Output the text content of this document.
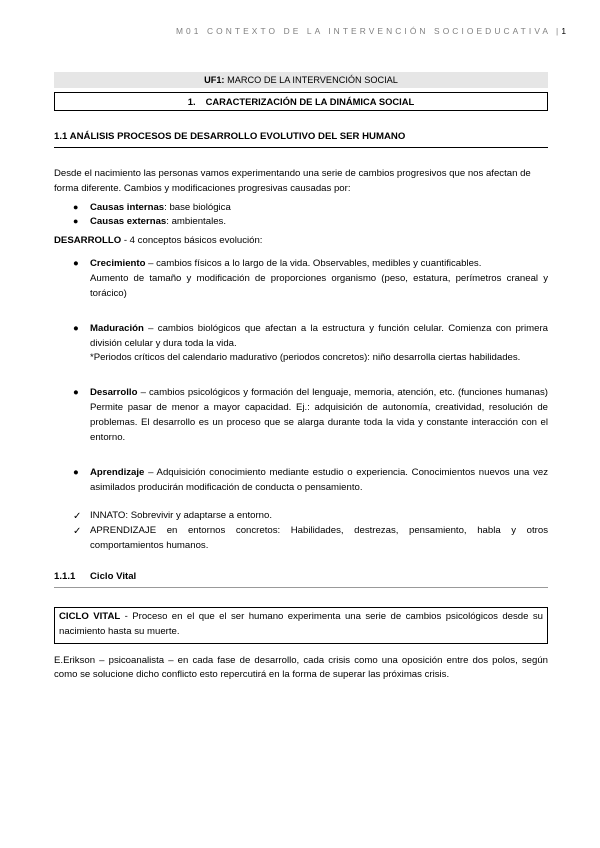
M01 CONTEXTO DE LA INTERVENCIÓN SOCIOEDUCATIVA |1
UF1: MARCO DE LA INTERVENCIÓN SOCIAL
1. CARACTERIZACIÓN DE LA DINÁMICA SOCIAL
1.1 ANÁLISIS PROCESOS DE DESARROLLO EVOLUTIVO DEL SER HUMANO

Desde el nacimiento las personas vamos experimentando una serie de cambios progresivos que nos afectan de forma diferente. Cambios y modificaciones progresivas causadas por:

● Causas internas: base biológica
● Causas externas: ambientales.

DESARROLLO - 4 conceptos básicos evolución:

● Crecimiento – cambios físicos a lo largo de la vida. Observables, medibles y cuantificables.
Aumento de tamaño y modificación de proporciones organismo (peso, estatura, perímetros craneal y torácico)
● Maduración – cambios biológicos que afectan a la estructura y función celular. Comienza con primera división celular y dura toda la vida.
*Periodos críticos del calendario madurativo (periodos concretos): niño desarrolla ciertas habilidades.
● Desarrollo – cambios psicológicos y formación del lenguaje, memoria, atención, etc. (funciones humanas) Permite pasar de menor a mayor capacidad. Ej.: adquisición de autonomía, creatividad, resolución de problemas. El desarrollo es un proceso que se alarga durante toda la vida y constante interacción con el entorno.
● Aprendizaje – Adquisición conocimiento mediante estudio o experiencia. Conocimientos nuevos una vez asimilados producirán modificación de conducta o pensamiento.
✓ INNATO: Sobrevivir y adaptarse a entorno.
✓ APRENDIZAJE en entornos concretos: Habilidades, destrezas, pensamiento, habla y otros comportamientos humanos.
1.1.1 Ciclo Vital
CICLO VITAL - Proceso en el que el ser humano experimenta una serie de cambios psicológicos desde su nacimiento hasta su muerte.

E.Erikson – psicoanalista – en cada fase de desarrollo, cada crisis como una oposición entre dos polos, según como se solucione dicho conflicto esto repercutirá en la forma de superar las próximas crisis.
